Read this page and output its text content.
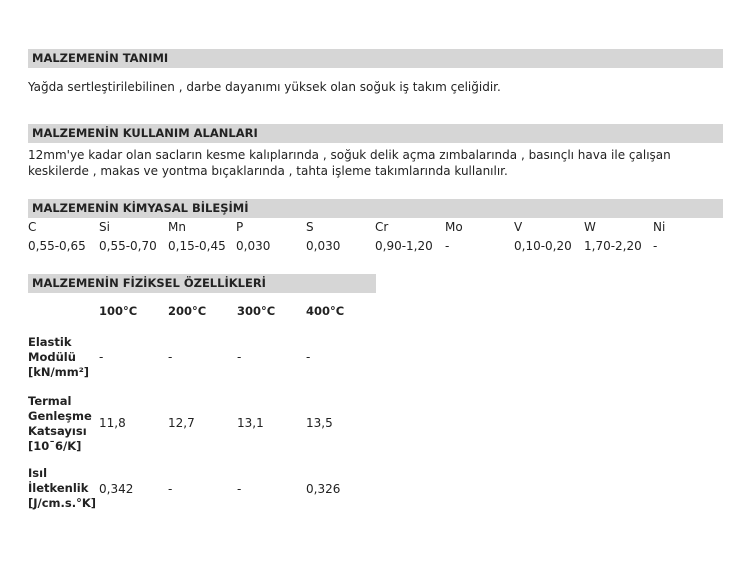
MALZEMENİN TANIMI
Yağda sertleştirilebilinen , darbe dayanımı yüksek olan soğuk iş takım çeliğidir.
MALZEMENİN KULLANIM ALANLARI
12mm'ye kadar olan sacların kesme kalıplarında , soğuk delik açma zımbalarında , basınçlı hava ile çalışan
keskilerde , makas ve yontma bıçaklarında , tahta işleme takımlarında kullanılır.
MALZEMENİN KİMYASAL BİLEŞİMİ
C	Si	Mn	P	S	Cr	Mo	V	W	Ni
0,55-0,65 0,55-0,70 0,15-0,45 0,030	0,030	0,90-1,20 -	0,10-0,20 1,70-2,20 -
MALZEMENİN FİZİKSEL ÖZELLİKLERİ
100°C	200°C	300°C	400°C
Elastik
Modülü
[kN/mm²]
-	-	-	-
Termal
Genleşme
Katsayısı
[10¯6/K]
11,8	12,7	13,1	13,5
Isıl
İletkenlik
[J/cm.s.°K]
0,342	-	-	0,326
